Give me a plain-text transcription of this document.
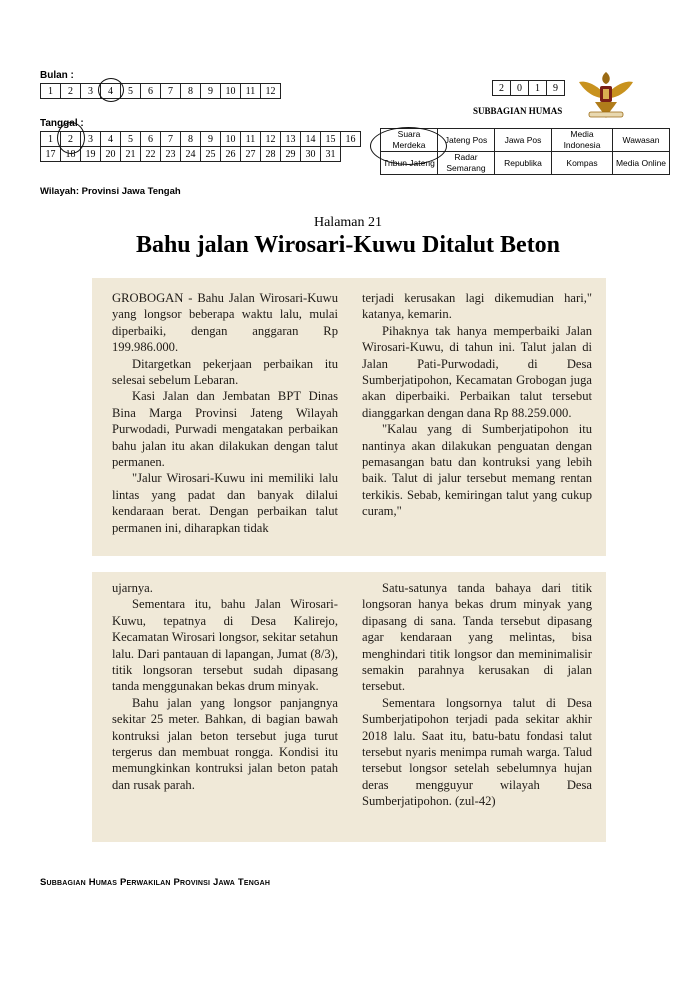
Bulan :
1	2	3	4	5	6	7	8	9	10	11	12
Tanggal :
1	2	3	4	5	6	7	8	9	10	11	12	13	14	15	16
17	18	19	20	21	22	23	24	25	26	27	28	29	30	31	
2	0	1	9
SUBBAGIAN HUMAS
Suara Merdeka	Jateng Pos	Jawa Pos	Media Indonesia	Wawasan
Tribun Jateng	Radar Semarang	Republika	Kompas	Media Online
Wilayah: Provinsi Jawa Tengah
Halaman 21
Bahu jalan Wirosari-Kuwu Ditalut Beton

GROBOGAN - Bahu Jalan Wirosari-Kuwu yang longsor beberapa waktu lalu, mulai diperbaiki, dengan anggaran Rp 199.986.000.

Ditargetkan pekerjaan perbaikan itu selesai sebelum Lebaran.

Kasi Jalan dan Jembatan BPT Dinas Bina Marga Provinsi Jateng Wilayah Purwodadi, Purwadi mengatakan perbaikan bahu jalan itu akan dilakukan dengan talut permanen.

"Jalur Wirosari-Kuwu ini memiliki lalu lintas yang padat dan banyak dilalui kendaraan berat. Dengan perbaikan talut permanen ini, diharapkan tidak

terjadi kerusakan lagi dikemudian hari," katanya, kemarin.

Pihaknya tak hanya memperbaiki Jalan Wirosari-Kuwu, di tahun ini. Talut jalan di Jalan Pati-Purwodadi, di Desa Sumberjatipohon, Kecamatan Grobogan juga akan diperbaiki. Perbaikan talut tersebut dianggarkan dengan dana Rp 88.259.000.

"Kalau yang di Sumberjatipohon itu nantinya akan dilakukan penguatan dengan pemasangan batu dan kontruksi yang lebih baik. Talut di jalur tersebut memang rentan terkikis. Sebab, kemiringan talut yang cukup curam,"

ujarnya.

Sementara itu, bahu Jalan Wirosari-Kuwu, tepatnya di Desa Kalirejo, Kecamatan Wirosari longsor, sekitar setahun lalu. Dari pantauan di lapangan, Jumat (8/3), titik longsoran tersebut sudah dipasang tanda menggunakan bekas drum minyak.

Bahu jalan yang longsor panjangnya sekitar 25 meter. Bahkan, di bagian bawah kontruksi jalan beton tersebut juga turut tergerus dan membuat rongga. Kondisi itu memungkinkan kontruksi jalan beton patah dan rusak parah.

Satu-satunya tanda bahaya dari titik longsoran hanya bekas drum minyak yang dipasang di sana. Tanda tersebut dipasang agar kendaraan yang melintas, bisa menghindari titik longsor dan meminimalisir semakin parahnya kerusakan di jalan tersebut.

Sementara longsornya talut di Desa Sumberjatipohon terjadi pada sekitar akhir 2018 lalu. Saat itu, batu-batu fondasi talut tersebut nyaris menimpa rumah warga. Talud tersebut longsor setelah sebelumnya hujan deras mengguyur wilayah Desa Sumberjatipohon. (zul-42)

Subbagian Humas Perwakilan Provinsi Jawa Tengah
